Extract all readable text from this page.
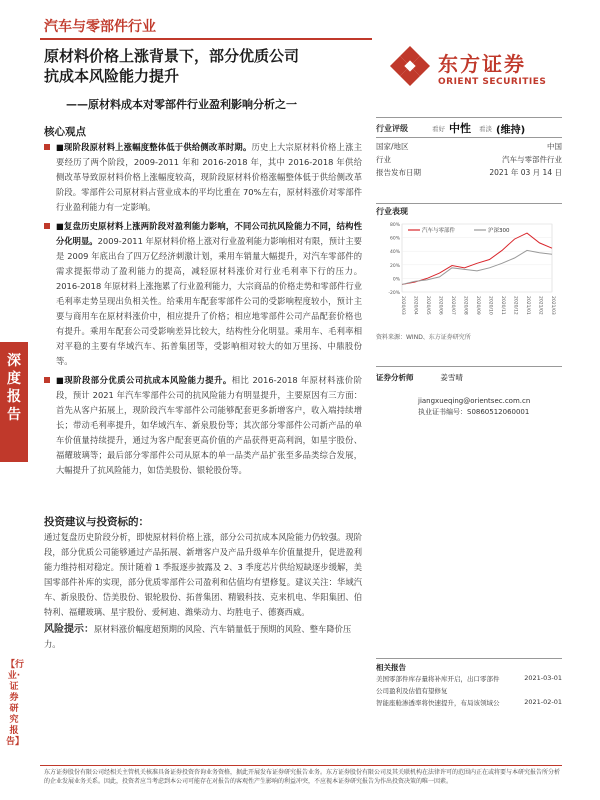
汽车与零部件行业
原材料价格上涨背景下，部分优质公司
抗成本风险能力提升
——原材料成本对零部件行业盈利影响分析之一
东方证券
ORIENT SECURITIES
深度报告
【行业·证券研究报告】
核心观点
■现阶段原材料上涨幅度整体低于供给侧改革时期。历史上大宗原材料价格上涨主要经历了两个阶段，2009-2011 年和 2016-2018 年，其中 2016-2018 年供给侧改革导致原材料价格上涨幅度较高，现阶段原材料价格涨幅整体低于供给侧改革阶段。零部件公司原材料占营业成本的平均比重在 70%左右，原材料涨价对零部件行业盈利能力有一定影响。
■复盘历史原材料上涨两阶段对盈利能力影响，不同公司抗风险能力不同，结构性分化明显。2009-2011 年原材料价格上涨对行业盈利能力影响相对有限，预计主要是 2009 年底出台了四万亿经济刺激计划，乘用车销量大幅提升，对汽车零部件的需求提振带动了盈利能力的提高，减轻原材料涨价对行业毛利率下行的压力。2016-2018 年原材料上涨拖累了行业盈利能力，大宗商品的价格走势和零部件行业毛利率走势呈现出负相关性。给乘用车配套零部件公司的受影响程度较小，预计主要与商用车在原材料涨价中，相应提升了价格；相应地零部件公司产品配套价格也有提升。乘用车配套公司受影响差异比较大，结构性分化明显。乘用车、毛利率相对平稳的主要有华域汽车、拓普集团等，受影响相对较大的如万里扬、中鼎股份等。
■现阶段部分优质公司抗成本风险能力提升。相比 2016-2018 年原材料涨价阶段，预计 2021 年汽车零部件公司的抗风险能力有明显提升，主要原因有三方面：首先从客户拓展上，现阶段汽车零部件公司能够配套更多新增客户，收入端持续增长；带动毛利率提升，如华域汽车、新泉股份等；其次部分零部件公司新产品的单车价值量持续提升，通过为客户配套更高价值的产品获得更高利润，如星宇股份、福耀玻璃等；最后部分零部件公司从原本的单一品类产品扩张至多品类综合发展，大幅提升了抗风险能力，如岱美股份、银轮股份等。
投资建议与投资标的：
通过复盘历史阶段分析，即使原材料价格上涨，部分公司抗成本风险能力仍较强。现阶段，部分优质公司能够通过产品拓展、新增客户及产品升级单车价值量提升，促进盈利能力维持相对稳定。预计随着 1 季报逐步披露及 2、3 季度芯片供给短缺逐步缓解，美国零部件补库的实现，部分优质零部件公司盈利和估值均有望修复。建议关注：华域汽车、新泉股份、岱美股份、银轮股份、拓普集团、精锻科技、克来机电、华阳集团、伯特利、福耀玻璃、星宇股份、爱柯迪、潍柴动力、均胜电子、德赛西威。
风险提示：原材料涨价幅度超预期的风险、汽车销量低于预期的风险、整车降价压力。
行业评级	看好 中性 看淡 (维持)
国家/地区	中国
行业	汽车与零部件行业
报告发布日期	2021 年 03 月 14 日
行业表现
80%
60%
40%
20%
0%
-20%
2020/03 2020/04 2020/05 2020/06 2020/07 2020/08 2020/09 2020/10 2020/11 2020/12 2021/01 2021/02 2021/03
汽车与零部件	沪深300
资料来源：WIND、东方证券研究所
证券分析师	姜雪晴
jiangxueqing@orientsec.com.cn
执业证书编号：S0860512060001
相关报告
美国零部件库存量将补库开启，出口零部件	2021-03-01
公司盈利及估值有望修复
智能座舱渗透率将快速提升，布局该领域公	2021-02-01
东方证券股份有限公司经相关主管机关核准具备证券投资咨询业务资格，据此开展发布证券研究报告业务。东方证券股份有限公司及其关联机构在法律许可的范围内正在或将要与本研究报告所分析的企业发展业务关系。因此，投资者应当考虑到本公司可能存在对报告的客观性产生影响的利益冲突，不应视本证券研究报告为作出投资决策的唯一因素。
